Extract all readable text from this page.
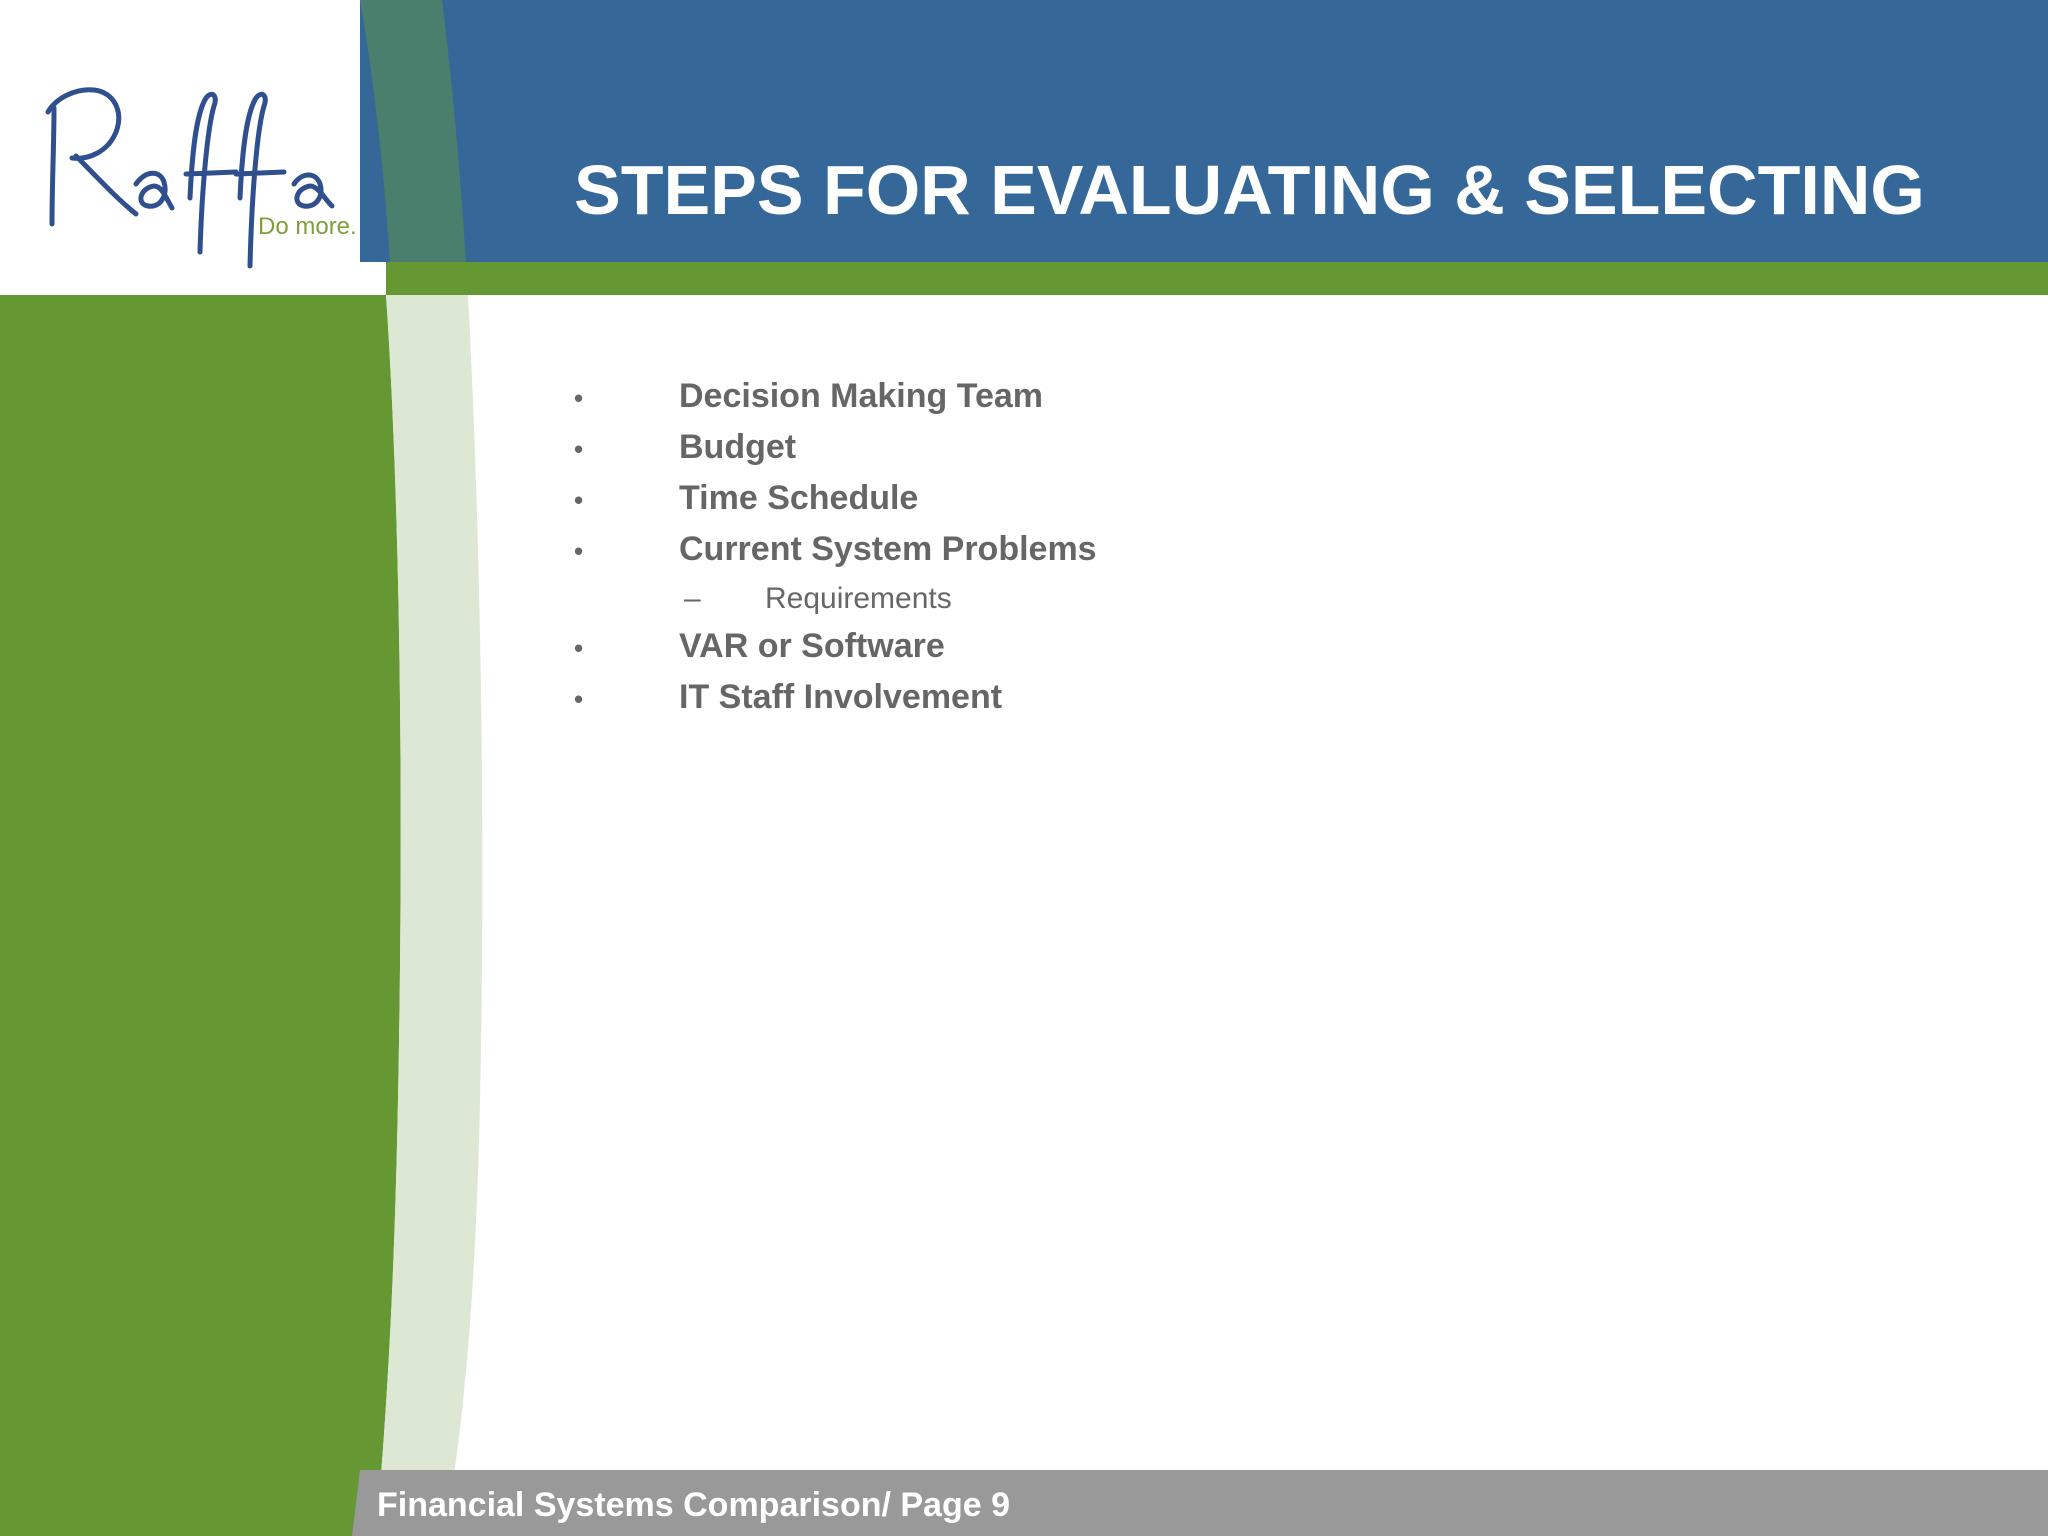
Do more.	STEPS FOR EVALUATING & SELECTING
•	Decision Making Team
•	Budget
•	Time Schedule
•	Current System Problems
–	Requirements
•	VAR or Software
•	IT Staff Involvement

Financial Systems Comparison/ Page 9
